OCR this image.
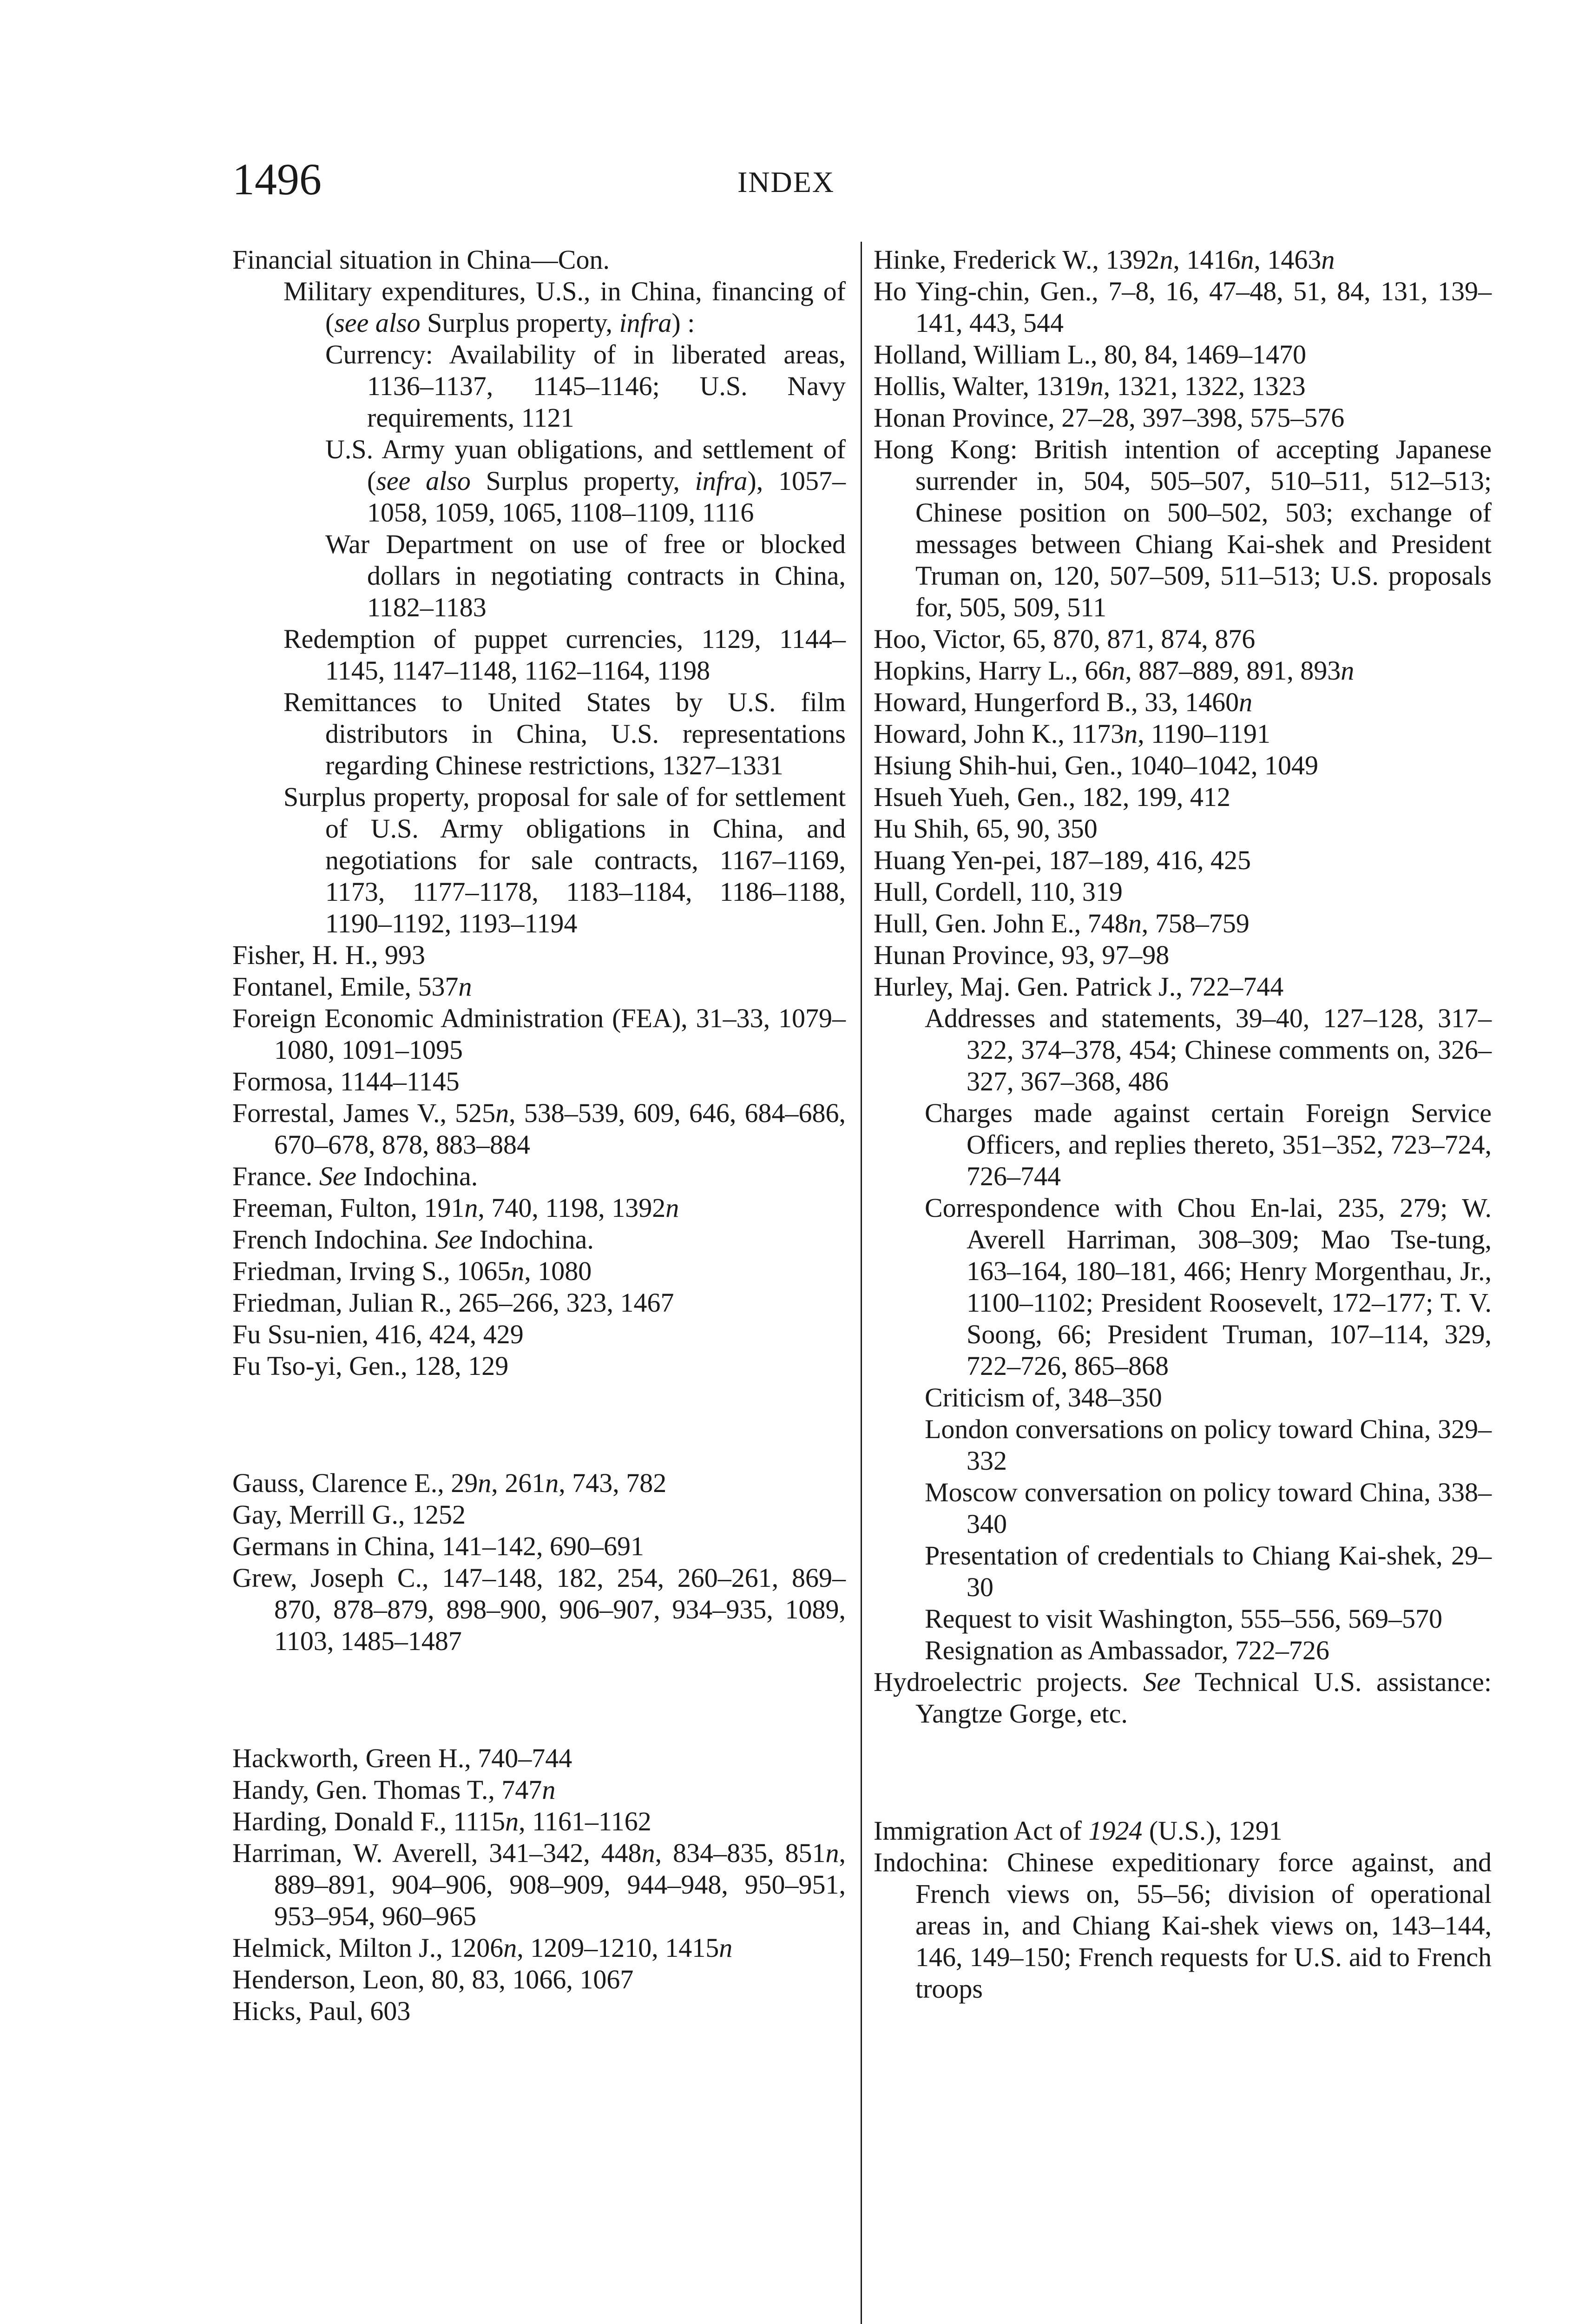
1496	INDEX

Financial situation in China—Con.

Military expenditures, U.S., in China, financing of (see also Surplus property, infra) :

Currency: Availability of in liberated areas, 1136–1137, 1145–1146; U.S. Navy requirements, 1121

U.S. Army yuan obligations, and settlement of (see also Surplus property, infra), 1057–1058, 1059, 1065, 1108–1109, 1116

War Department on use of free or blocked dollars in negotiating contracts in China, 1182–1183

Redemption of puppet currencies, 1129, 1144–1145, 1147–1148, 1162–1164, 1198

Remittances to United States by U.S. film distributors in China, U.S. representations regarding Chinese restrictions, 1327–1331

Surplus property, proposal for sale of for settlement of U.S. Army obligations in China, and negotiations for sale contracts, 1167–1169, 1173, 1177–1178, 1183–1184, 1186–1188, 1190–1192, 1193–1194

Fisher, H. H., 993

Fontanel, Emile, 537n

Foreign Economic Administration (FEA), 31–33, 1079–1080, 1091–1095

Formosa, 1144–1145

Forrestal, James V., 525n, 538–539, 609, 646, 684–686, 670–678, 878, 883–884

France. See Indochina.

Freeman, Fulton, 191n, 740, 1198, 1392n

French Indochina. See Indochina.

Friedman, Irving S., 1065n, 1080

Friedman, Julian R., 265–266, 323, 1467

Fu Ssu-nien, 416, 424, 429

Fu Tso-yi, Gen., 128, 129

Gauss, Clarence E., 29n, 261n, 743, 782

Gay, Merrill G., 1252

Germans in China, 141–142, 690–691

Grew, Joseph C., 147–148, 182, 254, 260–261, 869–870, 878–879, 898–900, 906–907, 934–935, 1089, 1103, 1485–1487

Hackworth, Green H., 740–744

Handy, Gen. Thomas T., 747n

Harding, Donald F., 1115n, 1161–1162

Harriman, W. Averell, 341–342, 448n, 834–835, 851n, 889–891, 904–906, 908–909, 944–948, 950–951, 953–954, 960–965

Helmick, Milton J., 1206n, 1209–1210, 1415n

Henderson, Leon, 80, 83, 1066, 1067

Hicks, Paul, 603

Hinke, Frederick W., 1392n, 1416n, 1463n

Ho Ying-chin, Gen., 7–8, 16, 47–48, 51, 84, 131, 139–141, 443, 544

Holland, William L., 80, 84, 1469–1470

Hollis, Walter, 1319n, 1321, 1322, 1323

Honan Province, 27–28, 397–398, 575–576

Hong Kong: British intention of accepting Japanese surrender in, 504, 505–507, 510–511, 512–513; Chinese position on 500–502, 503; exchange of messages between Chiang Kai-shek and President Truman on, 120, 507–509, 511–513; U.S. proposals for, 505, 509, 511

Hoo, Victor, 65, 870, 871, 874, 876

Hopkins, Harry L., 66n, 887–889, 891, 893n

Howard, Hungerford B., 33, 1460n

Howard, John K., 1173n, 1190–1191

Hsiung Shih-hui, Gen., 1040–1042, 1049

Hsueh Yueh, Gen., 182, 199, 412

Hu Shih, 65, 90, 350

Huang Yen-pei, 187–189, 416, 425

Hull, Cordell, 110, 319

Hull, Gen. John E., 748n, 758–759

Hunan Province, 93, 97–98

Hurley, Maj. Gen. Patrick J., 722–744

Addresses and statements, 39–40, 127–128, 317–322, 374–378, 454; Chinese comments on, 326–327, 367–368, 486

Charges made against certain Foreign Service Officers, and replies thereto, 351–352, 723–724, 726–744

Correspondence with Chou En-lai, 235, 279; W. Averell Harriman, 308–309; Mao Tse-tung, 163–164, 180–181, 466; Henry Morgenthau, Jr., 1100–1102; President Roosevelt, 172–177; T. V. Soong, 66; President Truman, 107–114, 329, 722–726, 865–868

Criticism of, 348–350

London conversations on policy toward China, 329–332

Moscow conversation on policy toward China, 338–340

Presentation of credentials to Chiang Kai-shek, 29–30

Request to visit Washington, 555–556, 569–570

Resignation as Ambassador, 722–726

Hydroelectric projects. See Technical U.S. assistance: Yangtze Gorge, etc.

Immigration Act of 1924 (U.S.), 1291

Indochina: Chinese expeditionary force against, and French views on, 55–56; division of operational areas in, and Chiang Kai-shek views on, 143–144, 146, 149–150; French requests for U.S. aid to French troops
